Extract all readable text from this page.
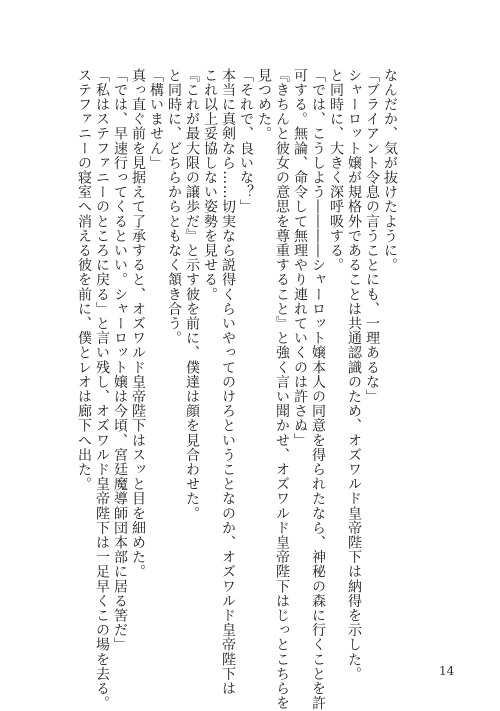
なんだか、気が抜けたように。
「ブライアント令息の言うことにも、一理あるな」
シャーロット嬢が規格外であることは共通認識のため、オズワルド皇帝陛下は納得を示した。
と同時に、大きく深呼吸する。
「では、こうしよう――――シャーロット嬢本人の同意を得られたなら、神秘の森に行くことを許
可する。無論、命令して無理やり連れていくのは許さぬ」
『きちんと彼女の意思を尊重すること』と強く言い聞かせ、オズワルド皇帝陛下はじっとこちらを
見つめた。
「それで、良いな？」
本当に真剣なら……切実なら説得くらいやってのけろということなのか、オズワルド皇帝陛下は
これ以上妥協しない姿勢を見せる。
『これが最大限の譲歩だ』と示す彼を前に、僕達は顔を見合わせた。
と同時に、どちらからともなく頷き合う。
「構いません」
真っ直ぐ前を見据えて了承すると、オズワルド皇帝陛下はスッと目を細めた。
「では、早速行ってくるといい。シャーロット嬢は今頃、宮廷魔導師団本部に居る筈だ」
「私はステファニーのところに戻る」と言い残し、オズワルド皇帝陛下は一足早くこの場を去る。
ステファニーの寝室へ消える彼を前に、僕とレオは廊下へ出た。
14
